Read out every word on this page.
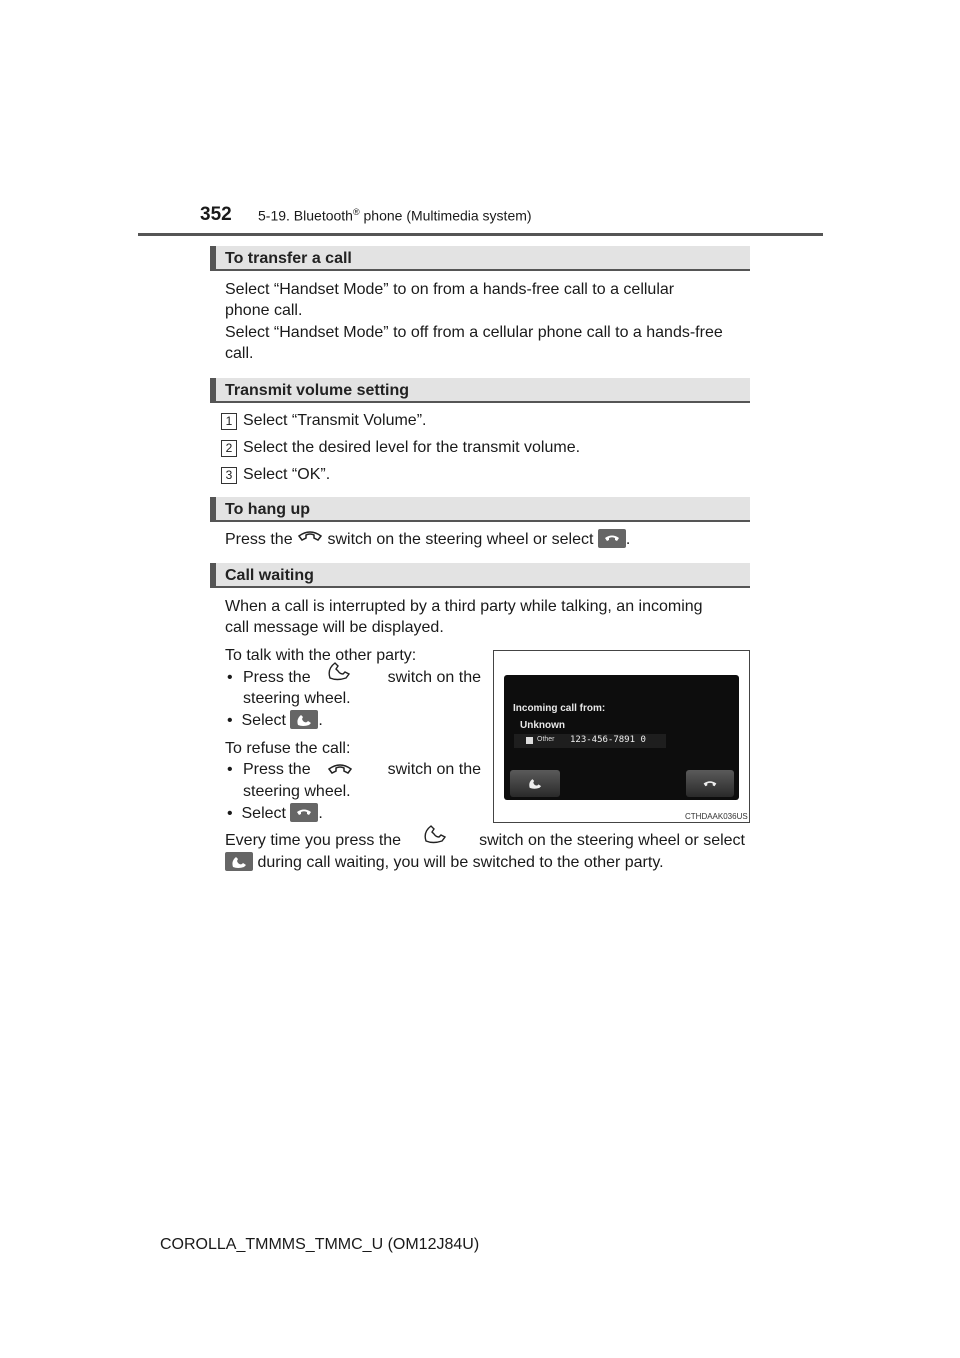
352 5-19. Bluetooth® phone (Multimedia system)
To transfer a call
Select “Handset Mode” to on from a hands-free call to a cellular
phone call.
Select “Handset Mode” to off from a cellular phone call to a hands-free
call.
Transmit volume setting
1 Select “Transmit Volume”.
2 Select the desired level for the transmit volume.
3 Select “OK”.
To hang up
Press the switch on the steering wheel or select .
Call waiting
When a call is interrupted by a third party while talking, an incoming
call message will be displayed.
To talk with the other party:
• Press the	switch on the
steering wheel.
• Select .
To refuse the call:
• Press the	switch on the
steering wheel.
• Select .
Every time you press the	switch on the steering wheel or select
during call waiting, you will be switched to the other party.
Incoming call from:
Unknown
Other 123-456-7891 0
CTHDAAK036US
COROLLA_TMMMS_TMMC_U (OM12J84U)
